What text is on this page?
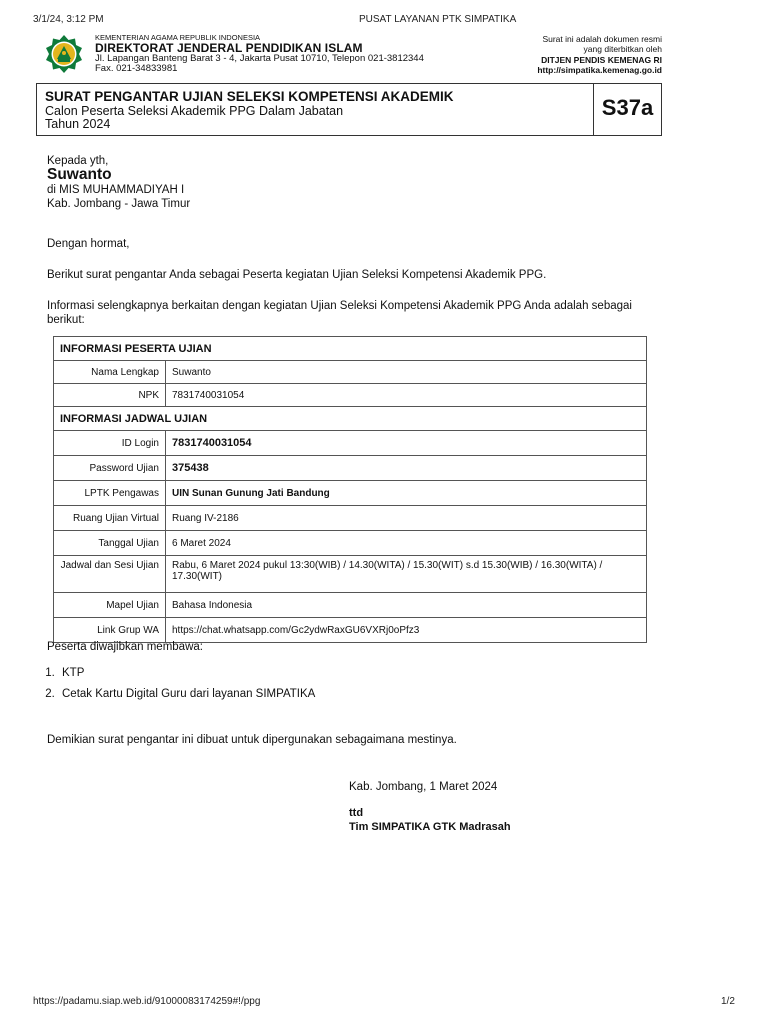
3/1/24, 3:12 PM	PUSAT LAYANAN PTK SIMPATIKA
KEMENTERIAN AGAMA REPUBLIK INDONESIA
DIREKTORAT JENDERAL PENDIDIKAN ISLAM
Jl. Lapangan Banteng Barat 3 - 4, Jakarta Pusat 10710, Telepon 021-3812344
Fax. 021-34833981
Surat ini adalah dokumen resmi
yang diterbitkan oleh
DITJEN PENDIS KEMENAG RI
http://simpatika.kemenag.go.id
SURAT PENGANTAR UJIAN SELEKSI KOMPETENSI AKADEMIK
Calon Peserta Seleksi Akademik PPG Dalam Jabatan
Tahun 2024
S37a
Kepada yth,
Suwanto
di MIS MUHAMMADIYAH I
Kab. Jombang - Jawa Timur
Dengan hormat,
Berikut surat pengantar Anda sebagai Peserta kegiatan Ujian Seleksi Kompetensi Akademik PPG.
Informasi selengkapnya berkaitan dengan kegiatan Ujian Seleksi Kompetensi Akademik PPG Anda adalah sebagai
berikut:
INFORMASI PESERTA UJIAN	
Nama Lengkap	Suwanto
NPK	7831740031054
INFORMASI JADWAL UJIAN	
ID Login	7831740031054
Password Ujian	375438
LPTK Pengawas	UIN Sunan Gunung Jati Bandung
Ruang Ujian Virtual	Ruang IV-2186
Tanggal Ujian	6 Maret 2024
Jadwal dan Sesi Ujian	Rabu, 6 Maret 2024 pukul 13:30(WIB) / 14.30(WITA) / 15.30(WIT) s.d 15.30(WIB) / 16.30(WITA) /
17.30(WIT)

Mapel Ujian	Bahasa Indonesia
Link Grup WA	https://chat.whatsapp.com/Gc2ydwRaxGU6VXRj0oPfz3
Peserta diwajibkan membawa:
1. KTP
2. Cetak Kartu Digital Guru dari layanan SIMPATIKA
Demikian surat pengantar ini dibuat untuk dipergunakan sebagaimana mestinya.
Kab. Jombang, 1 Maret 2024
ttd
Tim SIMPATIKA GTK Madrasah
https://padamu.siap.web.id/9100008317425​9#!/ppg	1/2
